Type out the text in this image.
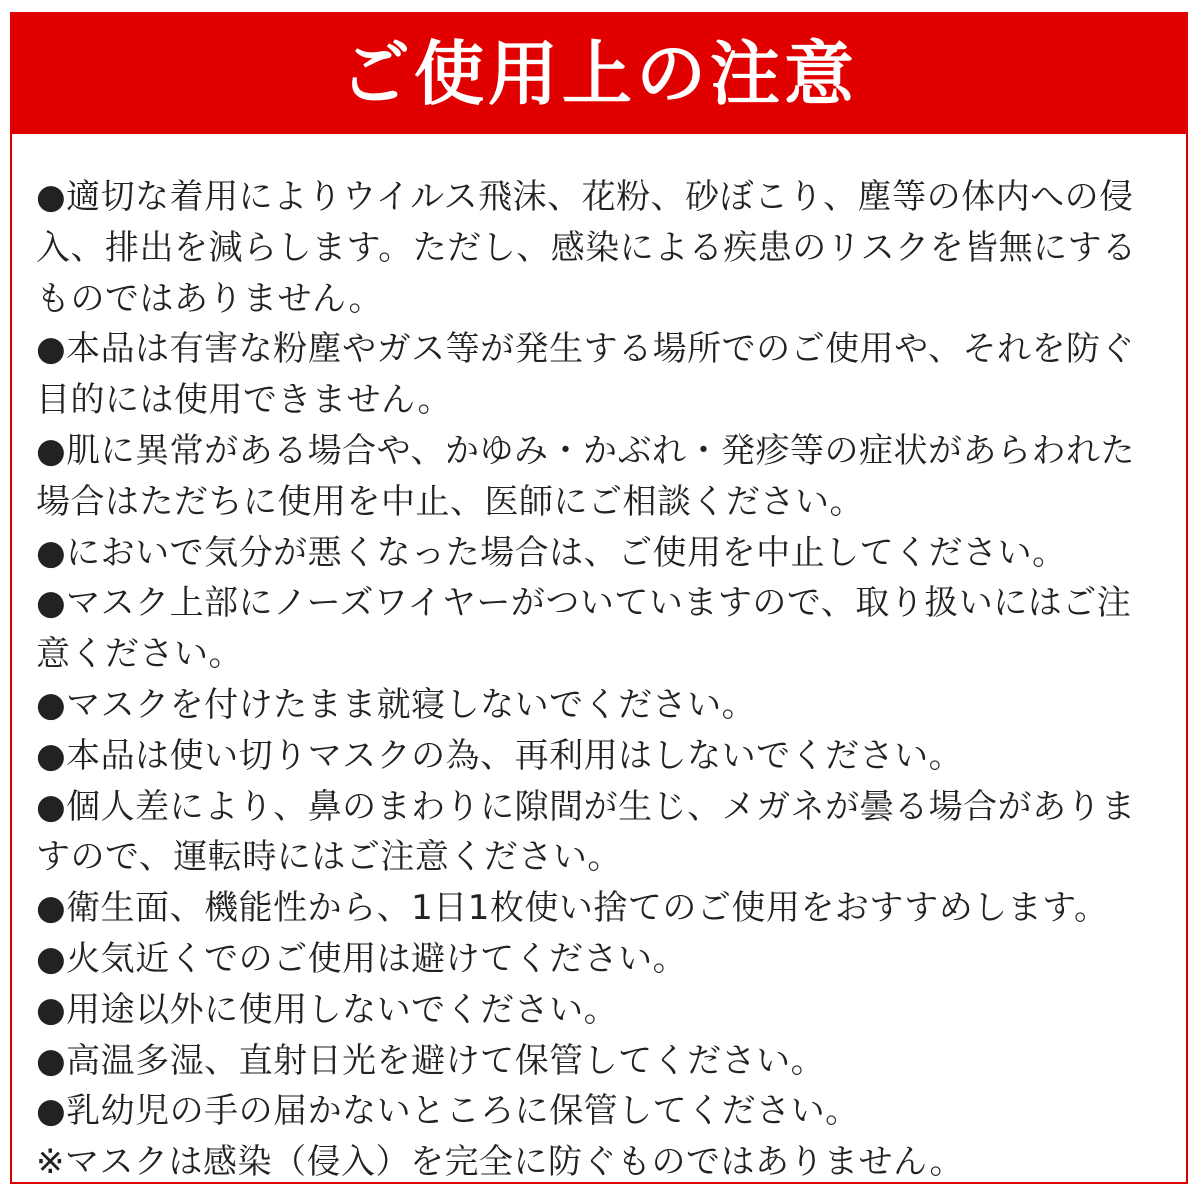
ご使用上の注意
●適切な着用によりウイルス飛沫、花粉、砂ぼこり、塵等の体内への侵入、排出を減らします。ただし、感染による疾患のリスクを皆無にするものではありません。
●本品は有害な粉塵やガス等が発生する場所でのご使用や、それを防ぐ目的には使用できません。
●肌に異常がある場合や、かゆみ・かぶれ・発疹等の症状があらわれた場合はただちに使用を中止、医師にご相談ください。
●においで気分が悪くなった場合は、ご使用を中止してください。
●マスク上部にノーズワイヤーがついていますので、取り扱いにはご注意ください。
●マスクを付けたまま就寝しないでください。
●本品は使い切りマスクの為、再利用はしないでください。
●個人差により、鼻のまわりに隙間が生じ、メガネが曇る場合がありますので、運転時にはご注意ください。
●衛生面、機能性から、1日1枚使い捨てのご使用をおすすめします。
●火気近くでのご使用は避けてください。
●用途以外に使用しないでください。
●高温多湿、直射日光を避けて保管してください。
●乳幼児の手の届かないところに保管してください。
※マスクは感染（侵入）を完全に防ぐものではありません。
